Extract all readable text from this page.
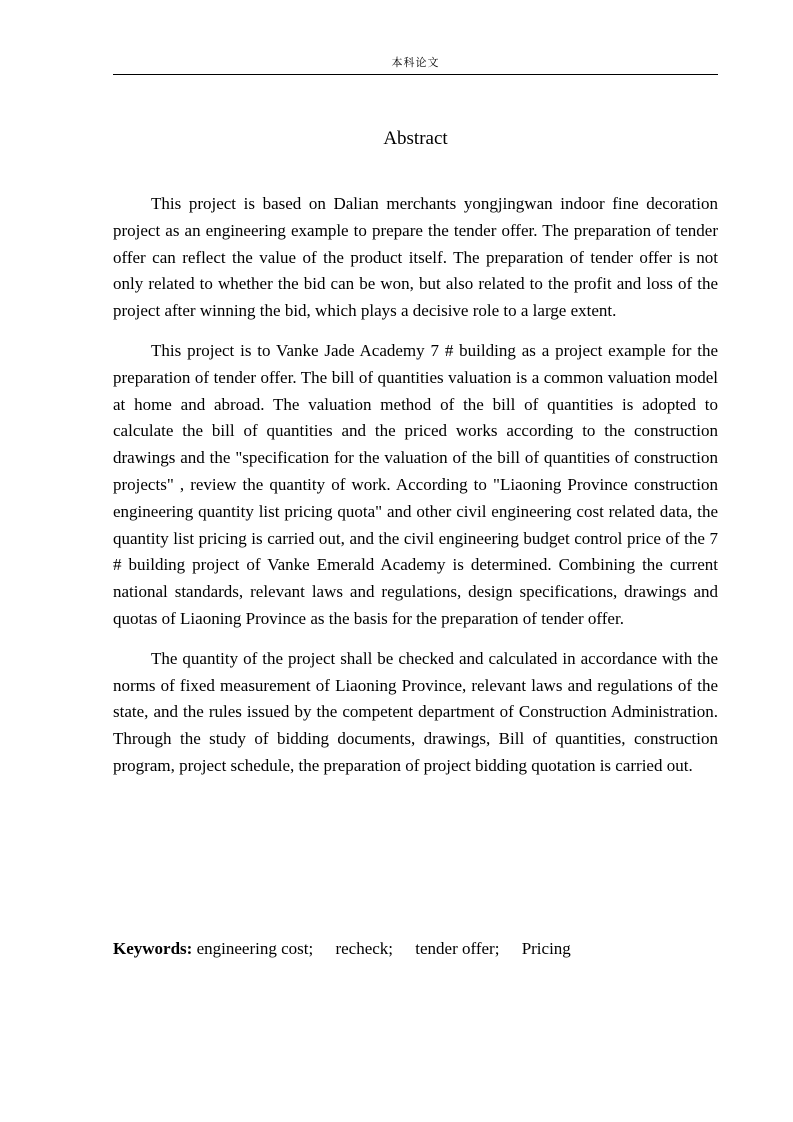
本科论文
Abstract

This project is based on Dalian merchants yongjingwan indoor fine decoration project as an engineering example to prepare the tender offer. The preparation of tender offer can reflect the value of the product itself. The preparation of tender offer is not only related to whether the bid can be won, but also related to the profit and loss of the project after winning the bid, which plays a decisive role to a large extent.

This project is to Vanke Jade Academy 7 # building as a project example for the preparation of tender offer. The bill of quantities valuation is a common valuation model at home and abroad. The valuation method of the bill of quantities is adopted to calculate the bill of quantities and the priced works according to the construction drawings and the "specification for the valuation of the bill of quantities of construction projects" , review the quantity of work. According to "Liaoning Province construction engineering quantity list pricing quota" and other civil engineering cost related data, the quantity list pricing is carried out, and the civil engineering budget control price of the 7 # building project of Vanke Emerald Academy is determined. Combining the current national standards, relevant laws and regulations, design specifications, drawings and quotas of Liaoning Province as the basis for the preparation of tender offer.

The quantity of the project shall be checked and calculated in accordance with the norms of fixed measurement of Liaoning Province, relevant laws and regulations of the state, and the rules issued by the competent department of Construction Administration. Through the study of bidding documents, drawings, Bill of quantities, construction program, project schedule, the preparation of project bidding quotation is carried out.

Keywords: engineering cost; recheck; tender offer; Pricing
